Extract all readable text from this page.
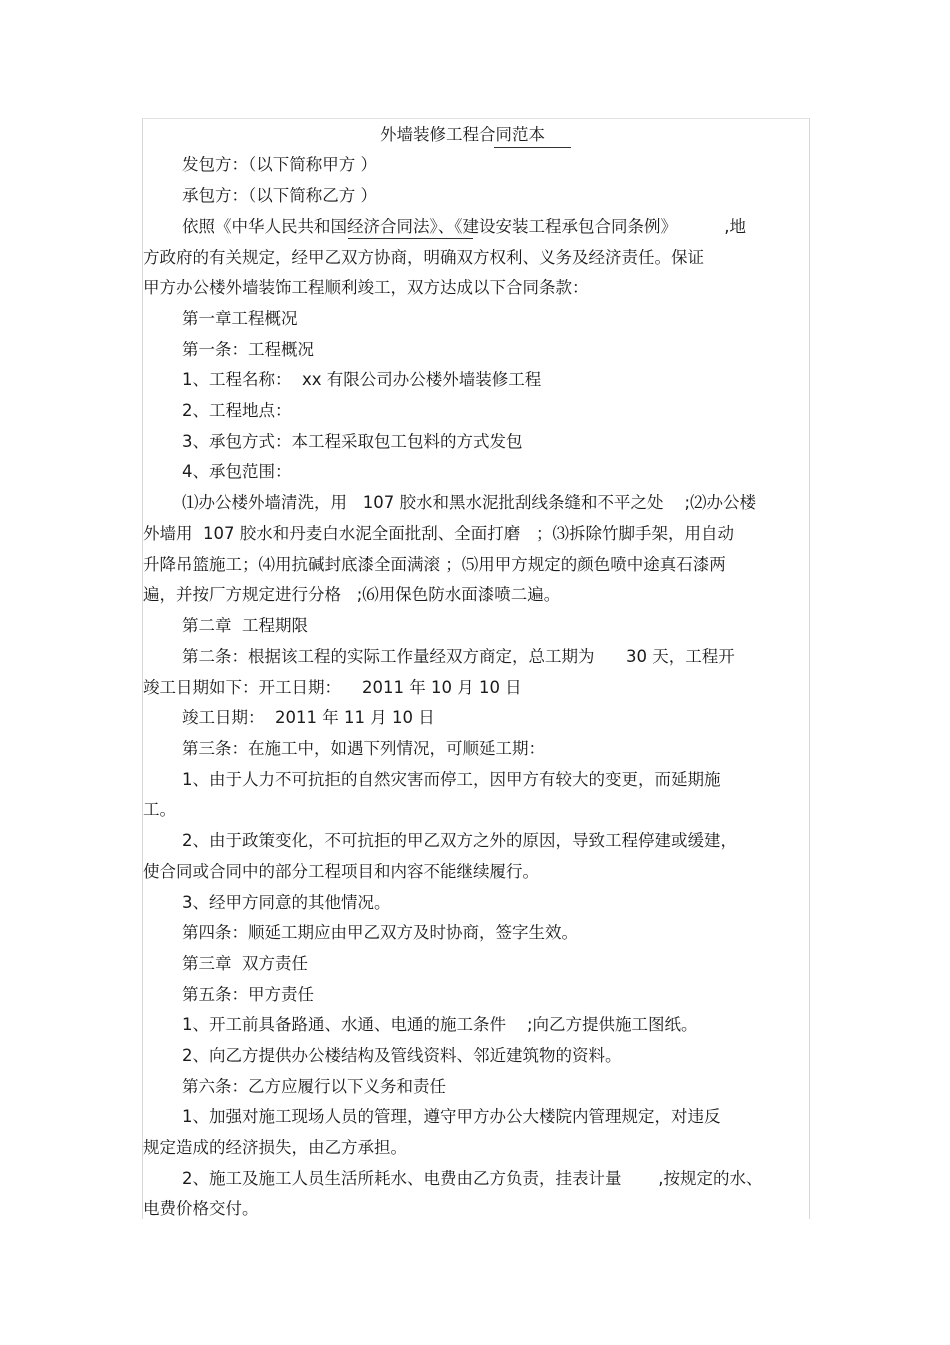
外墙装修工程合同范本
发包方：（以下简称甲方 ）
承包方：（以下简称乙方 ）
依照《中华人民共和国经济合同法》、《建设安装工程承包合同条例》         ,地
方政府的有关规定，经甲乙双方协商，明确双方权利、义务及经济责任。保证
甲方办公楼外墙装饰工程顺利竣工，双方达成以下合同条款：
第一章工程概况
第一条：工程概况
1、工程名称：  xx 有限公司办公楼外墙装修工程
2、工程地点：
3、承包方式：本工程采取包工包料的方式发包
4、承包范围：
⑴办公楼外墙清洗，用   107 胶水和黑水泥批刮线条缝和不平之处    ;⑵办公楼
外墙用  107 胶水和丹麦白水泥全面批刮、全面打磨   ；⑶拆除竹脚手架，用自动
升降吊篮施工；⑷用抗碱封底漆全面满滚 ；⑸用甲方规定的颜色喷中途真石漆两
遍，并按厂方规定进行分格   ;⑹用保色防水面漆喷二遍。
第二章  工程期限
第二条：根据该工程的实际工作量经双方商定，总工期为      30 天，工程开
竣工日期如下：开工日期：    2011 年 10 月 10 日
竣工日期：  2011 年 11 月 10 日
第三条：在施工中，如遇下列情况，可顺延工期：
1、由于人力不可抗拒的自然灾害而停工，因甲方有较大的变更，而延期施
工。
2、由于政策变化，不可抗拒的甲乙双方之外的原因，导致工程停建或缓建，
使合同或合同中的部分工程项目和内容不能继续履行。
3、经甲方同意的其他情况。
第四条：顺延工期应由甲乙双方及时协商，签字生效。
第三章  双方责任
第五条：甲方责任
1、开工前具备路通、水通、电通的施工条件    ;向乙方提供施工图纸。
2、向乙方提供办公楼结构及管线资料、邻近建筑物的资料。
第六条：乙方应履行以下义务和责任
1、加强对施工现场人员的管理，遵守甲方办公大楼院内管理规定，对违反
规定造成的经济损失，由乙方承担。
2、施工及施工人员生活所耗水、电费由乙方负责，挂表计量       ,按规定的水、
电费价格交付。
